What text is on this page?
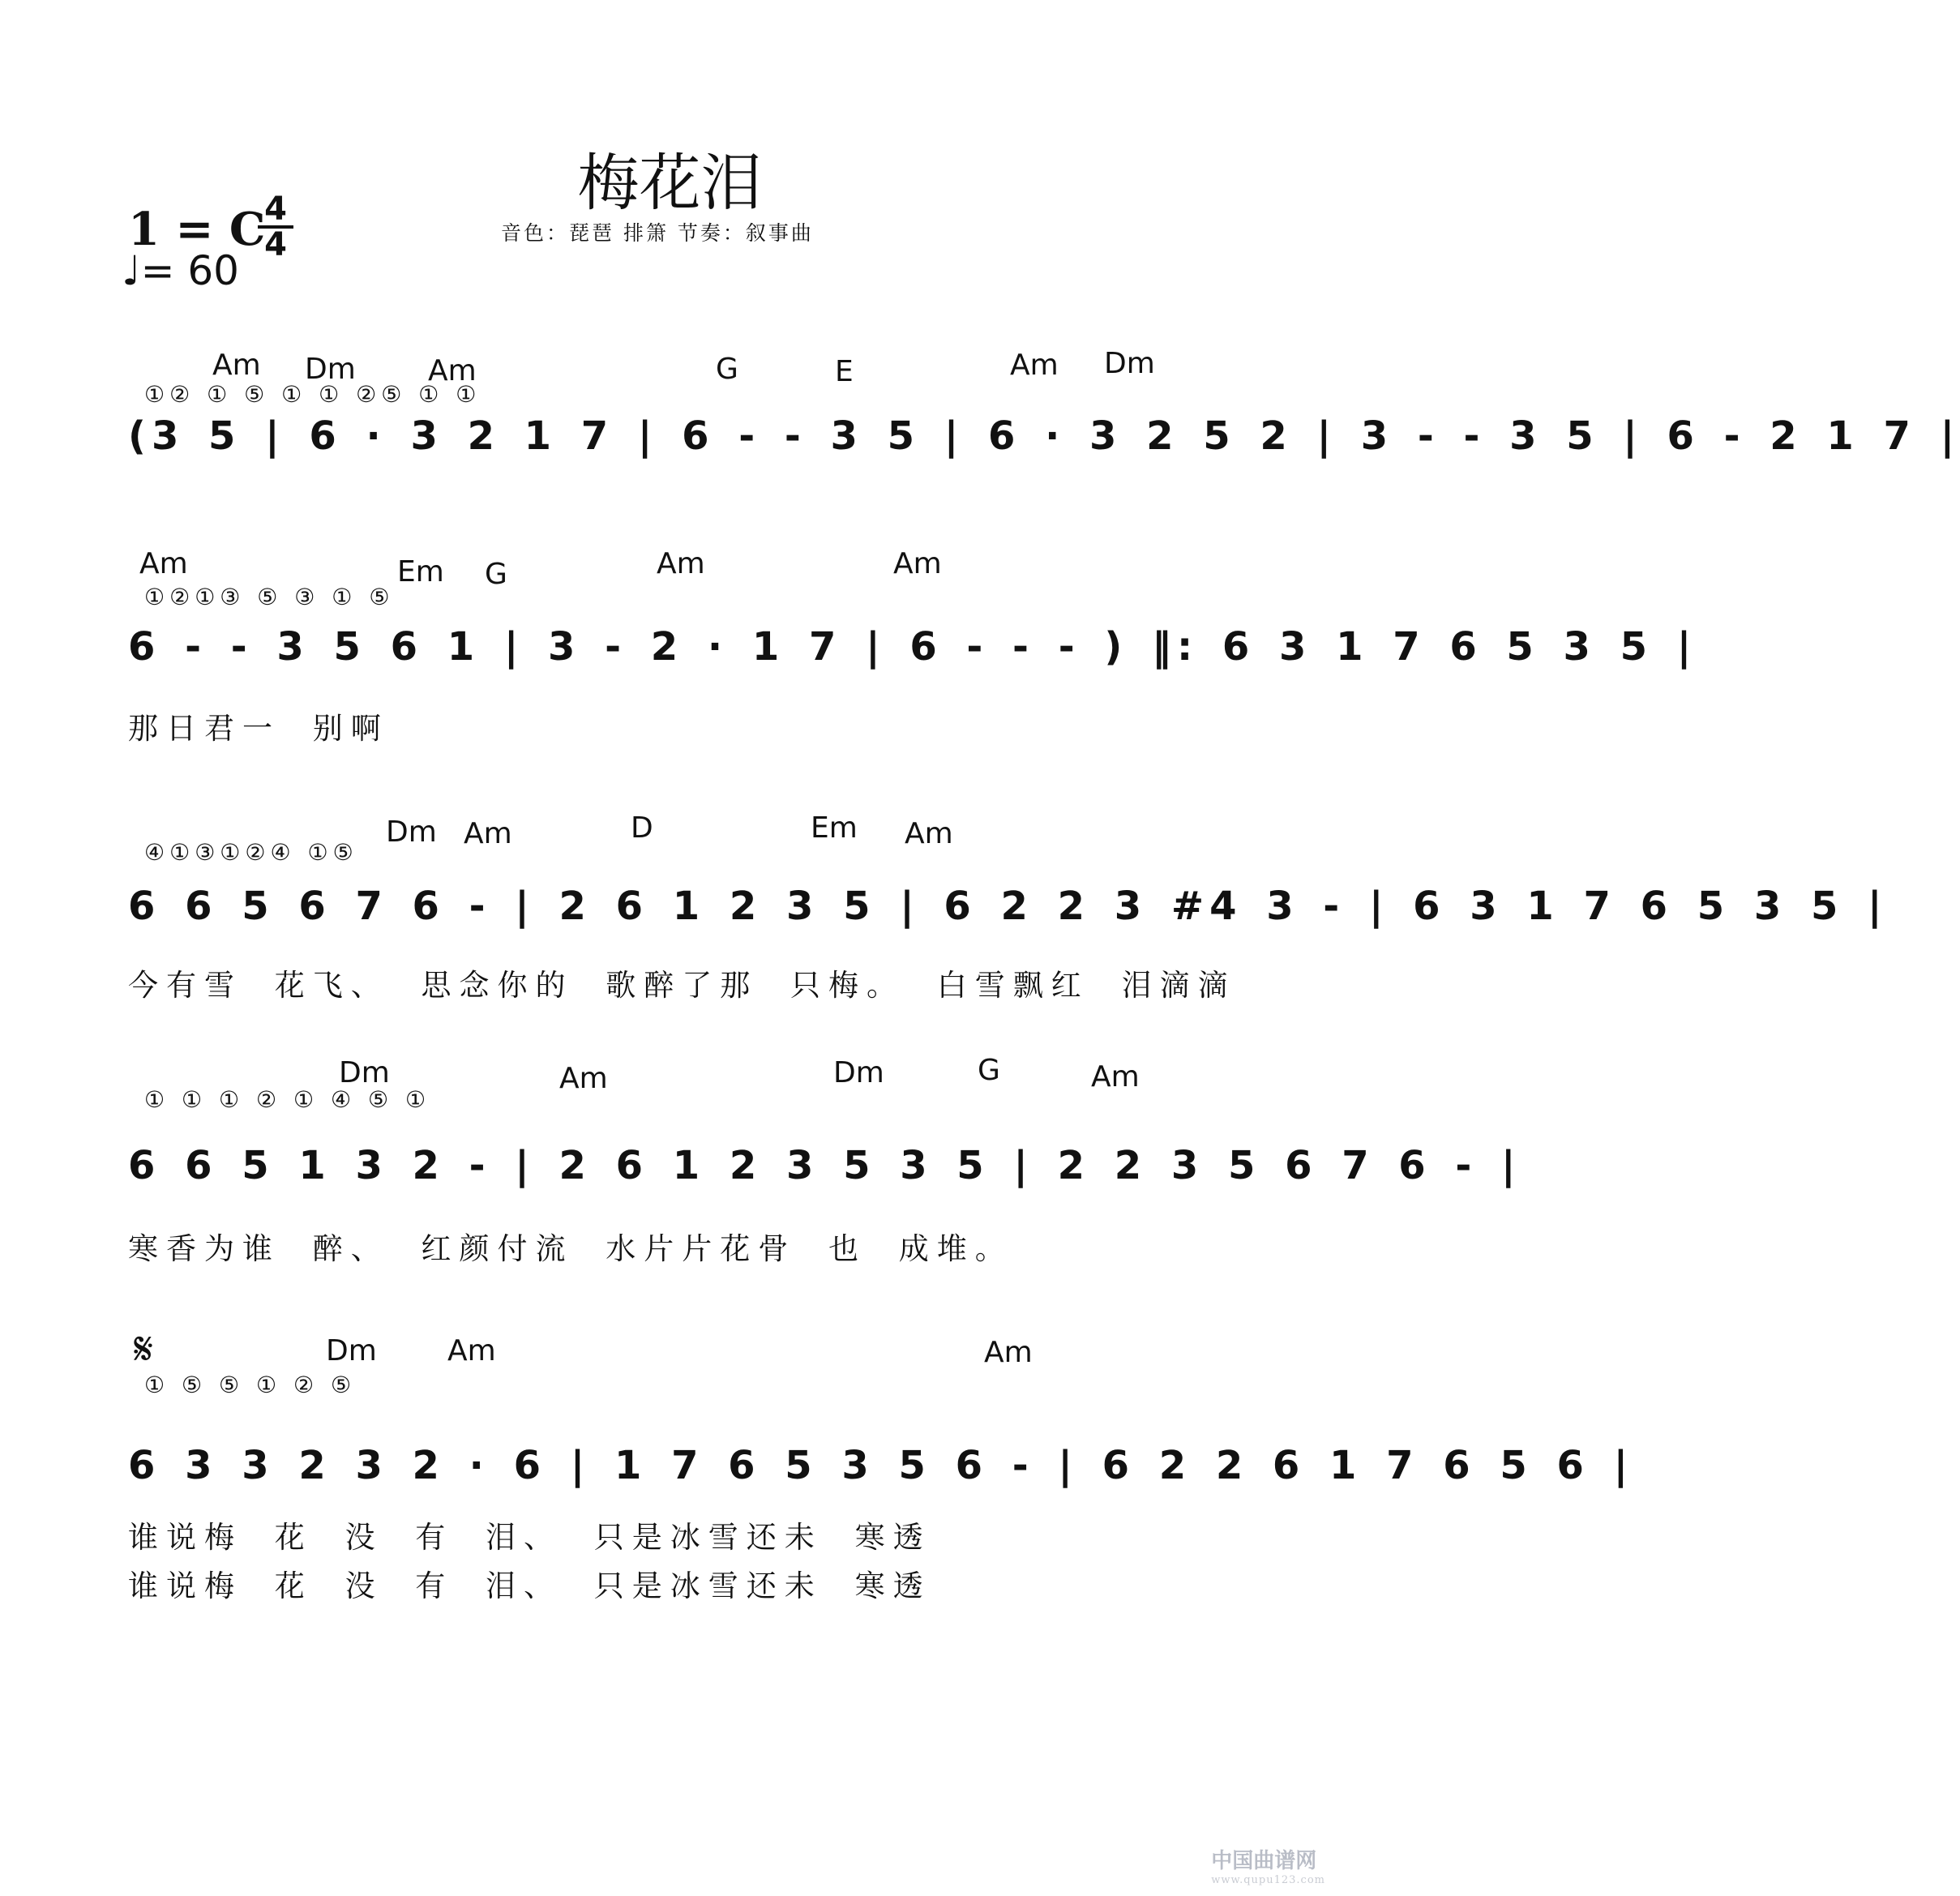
梅花泪
1 = C
4
4
♩= 60
音色：琵琶 排箫 节奏：叙事曲
Am Dm Am	G	E	Am Dm
①② ① ⑤ ① ① ②⑤ ① ①
(3 5 | 6 · 3 2 1 7 | 6 - - 3 5 | 6 · 3 2 5 2 | 3 - - 3 5 | 6 - 2 1 7 |
Am	Em G	Am	Am
①②①③ ⑤ ③ ① ⑤
6 - - 3 5 6 1 | 3 - 2 · 1 7 | 6 - - - ) ‖: 6 3 1 7 6 5 3 5 |
那日君一 别啊
Dm Am	D	Em Am
④①③①②④ ①⑤
6 6 5 6 7 6 - | 2 6 1 2 3 5 | 6 2 2 3 #4 3 - | 6 3 1 7 6 5 3 5 |
今有雪 花飞、 思念你的 歌醉了那 只梅。 白雪飘红 泪滴滴
Dm	Am	Dm	G	Am
① ① ① ② ① ④ ⑤ ①
6 6 5 1 3 2 - | 2 6 1 2 3 5 3 5 | 2 2 3 5 6 7 6 - |
寒香为谁 醉、 红颜付流 水片片花骨 也 成堆。
Dm Am	Am
① ⑤ ⑤ ① ② ⑤
6 3 3 2 3 2 · 6 | 1 7 6 5 3 5 6 - | 6 2 2 6 1 7 6 5 6 |
谁说梅 花 没 有 泪、 只是冰雪还未 寒透
谁说梅 花 没 有 泪、 只是冰雪还未 寒透
𝄋
中国曲谱网
www.qupu123.com
